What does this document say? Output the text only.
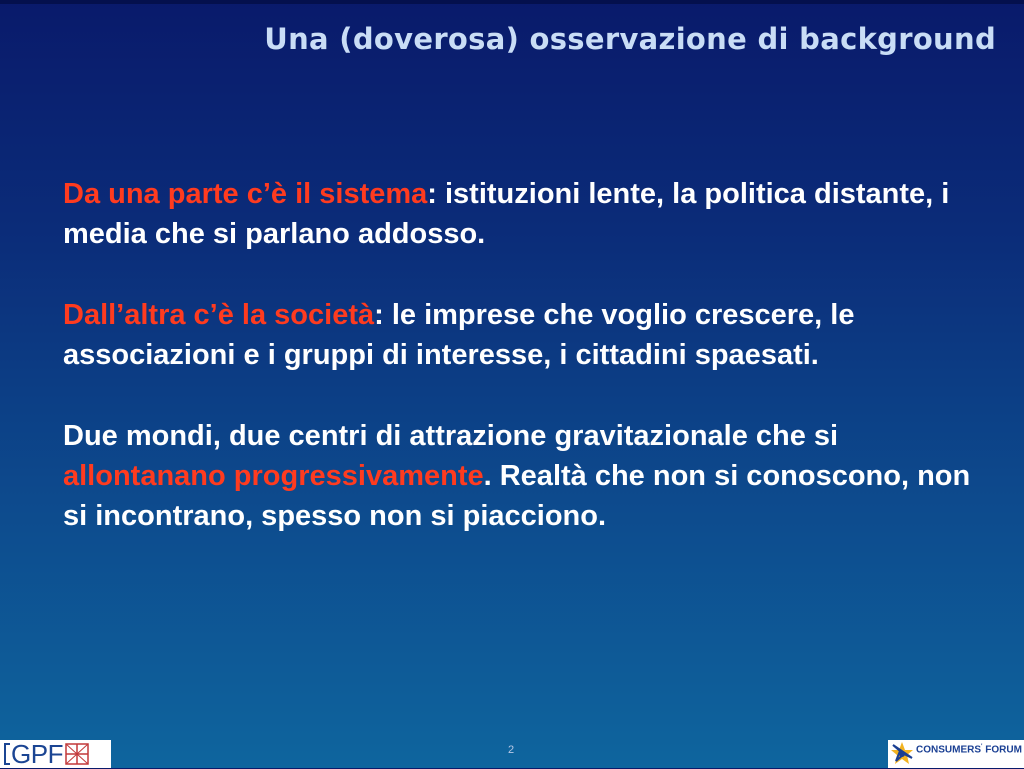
Una (doverosa) osservazione di background

Da una parte c’è il sistema: istituzioni lente, la politica distante, i media che si parlano addosso.

Dall’altra c’è la società: le imprese che voglio crescere, le associazioni e i gruppi di interesse, i cittadini spaesati.

Due mondi, due centri di attrazione gravitazionale che si allontanano progressivamente. Realtà che non si conoscono, non si incontrano, spesso non si piacciono.

GPF	2	CONSUMERS' FORUM
